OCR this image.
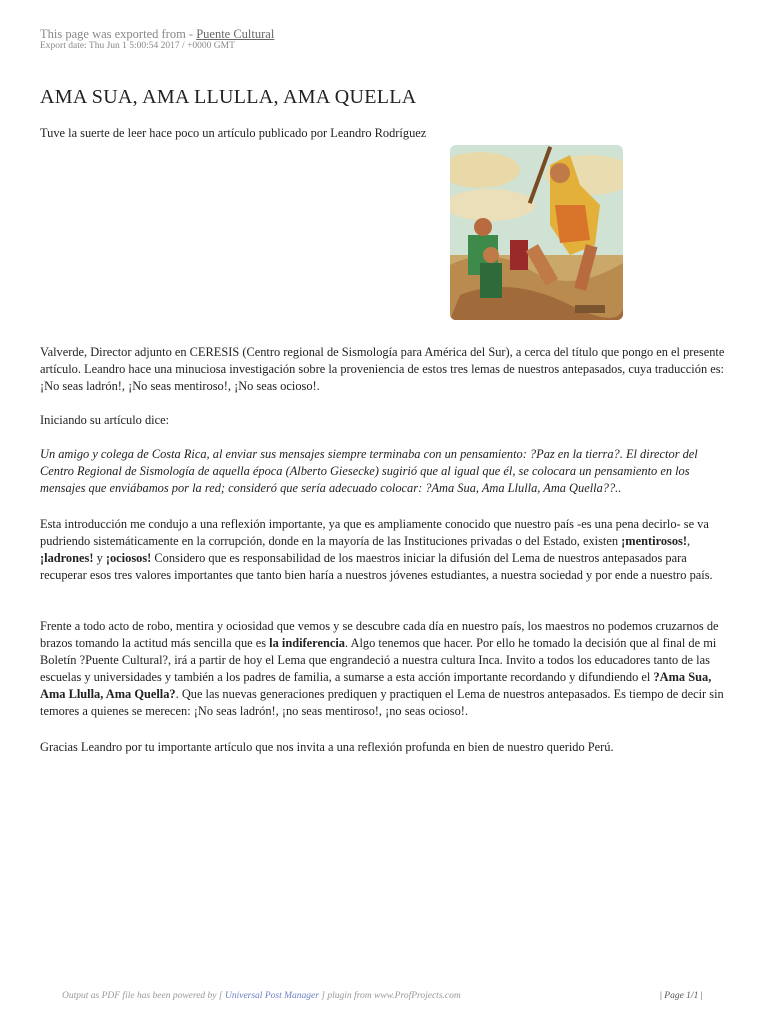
This page was exported from - Puente Cultural
Export date: Thu Jun 1 5:00:54 2017 / +0000 GMT
AMA SUA, AMA LLULLA, AMA QUELLA

Tuve la suerte de leer hace poco un artículo publicado por Leandro Rodríguez

Valverde, Director adjunto en CERESIS (Centro regional de Sismología para América del Sur), a cerca del título que pongo en el presente artículo. Leandro hace una minuciosa investigación sobre la proveniencia de estos tres lemas de nuestros antepasados, cuya traducción es: ¡No seas ladrón!, ¡No seas mentiroso!, ¡No seas ocioso!.

Iniciando su artículo dice:

Un amigo y colega de Costa Rica, al enviar sus mensajes siempre terminaba con un pensamiento: ?Paz en la tierra?. El director del Centro Regional de Sismología de aquella época (Alberto Giesecke) sugirió que al igual que él, se colocara un pensamiento en los mensajes que enviábamos por la red; consideró que sería adecuado colocar: ?Ama Sua, Ama Llulla, Ama Quella??..

Esta introducción me condujo a una reflexión importante, ya que es ampliamente conocido que nuestro país -es una pena decirlo- se va pudriendo sistemáticamente en la corrupción, donde en la mayoría de las Instituciones privadas o del Estado, existen ¡mentirosos!, ¡ladrones! y ¡ociosos! Considero que es responsabilidad de los maestros iniciar la difusión del Lema de nuestros antepasados para recuperar esos tres valores importantes que tanto bien haría a nuestros jóvenes estudiantes, a nuestra sociedad y por ende a nuestro país.

Frente a todo acto de robo, mentira y ociosidad que vemos y se descubre cada día en nuestro país, los maestros no podemos cruzarnos de brazos tomando la actitud más sencilla que es la indiferencia. Algo tenemos que hacer. Por ello he tomado la decisión que al final de mi Boletín ?Puente Cultural?, irá a partir de hoy el Lema que engrandeció a nuestra cultura Inca. Invito a todos los educadores tanto de las escuelas y universidades y también a los padres de familia, a sumarse a esta acción importante recordando y difundiendo el ?Ama Sua, Ama Llulla, Ama Quella?. Que las nuevas generaciones prediquen y practiquen el Lema de nuestros antepasados. Es tiempo de decir sin temores a quienes se merecen: ¡No seas ladrón!, ¡no seas mentiroso!, ¡no seas ocioso!.

Gracias Leandro por tu importante artículo que nos invita a una reflexión profunda en bien de nuestro querido Perú.

Output as PDF file has been powered by [ Universal Post Manager ] plugin from www.ProfProjects.com	| Page 1/1 |
